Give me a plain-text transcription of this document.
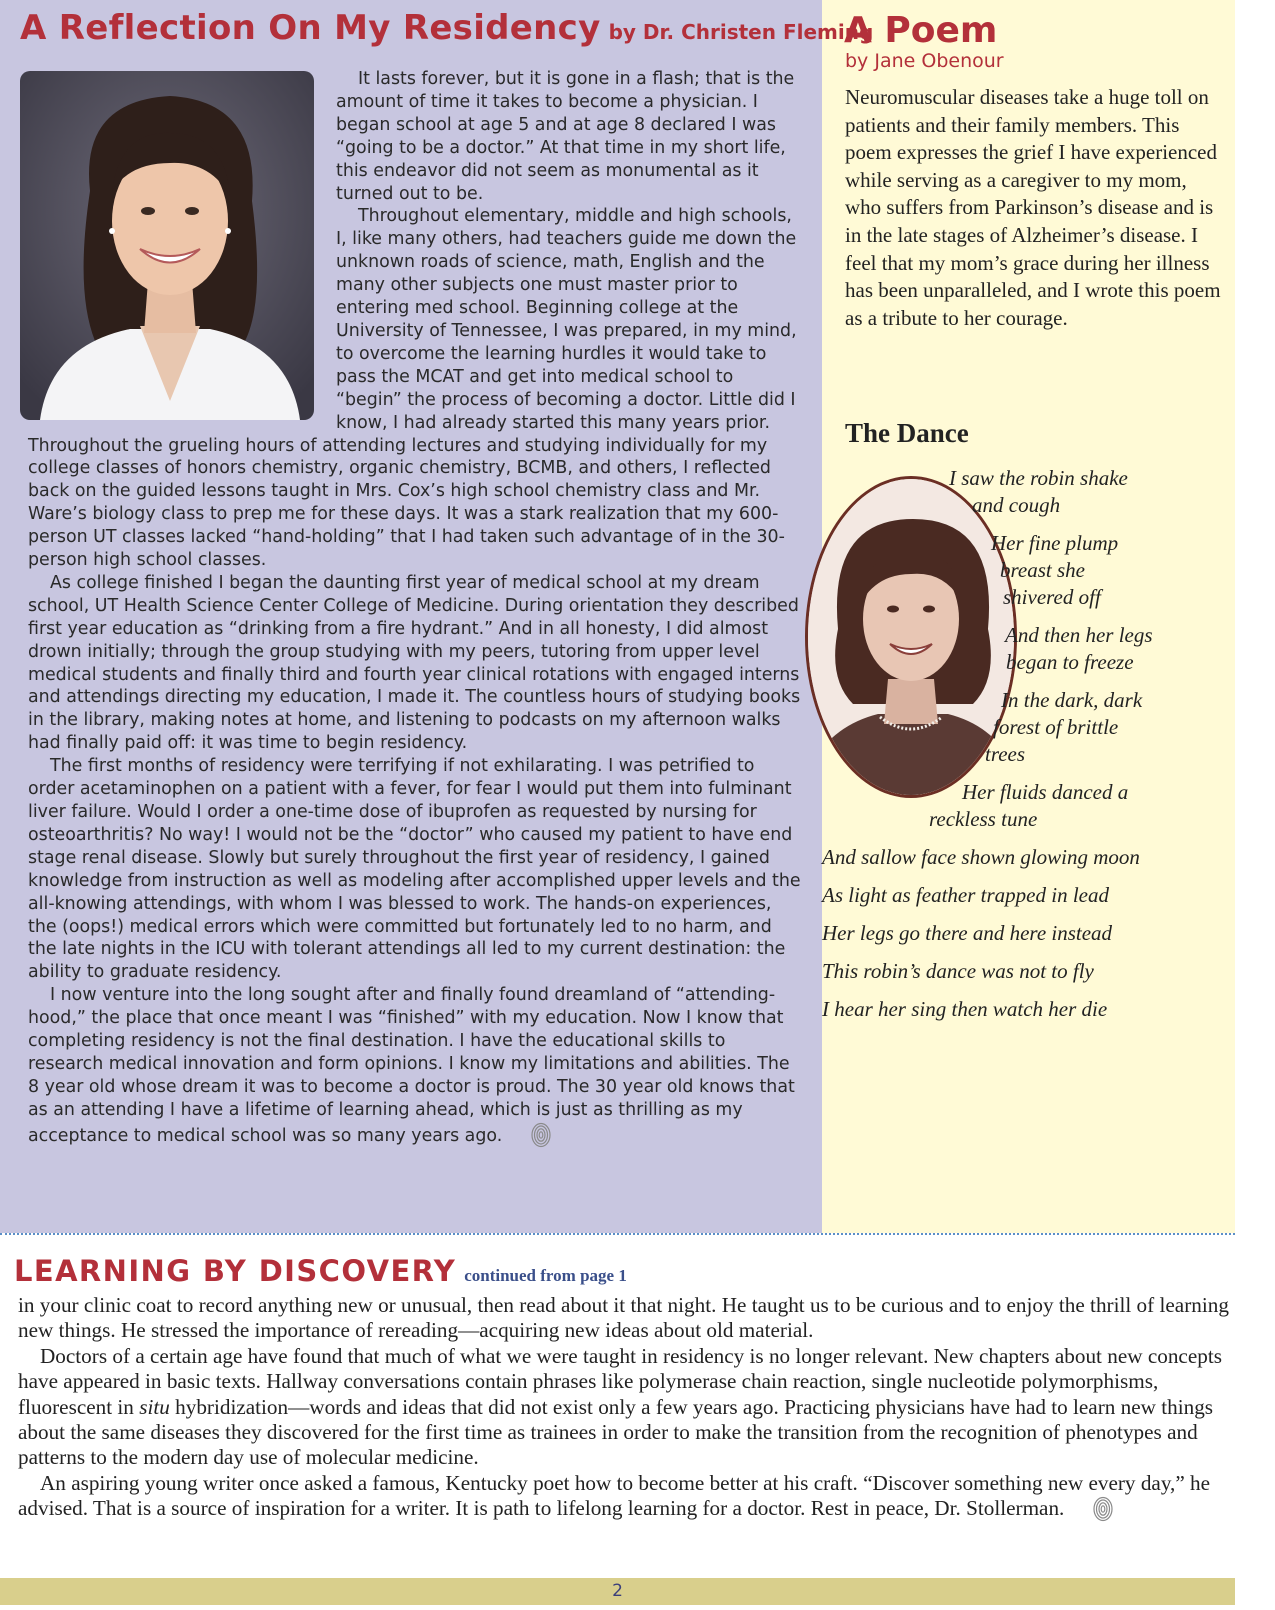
A Reflection On My Residency by Dr. Christen Fleming

It lasts forever, but it is gone in a flash; that is the amount of time it takes to become a physician. I began school at age 5 and at age 8 declared I was “going to be a doctor.” At that time in my short life, this endeavor did not seem as monumental as it turned out to be.

Throughout elementary, middle and high schools, I, like many others, had teachers guide me down the unknown roads of science, math, English and the many other subjects one must master prior to entering med school. Beginning college at the University of Tennessee, I was prepared, in my mind, to overcome the learning hurdles it would take to pass the MCAT and get into medical school to “begin” the process of becoming a doctor. Little did I know, I had already started this many years prior. Throughout the grueling hours of attending lectures and studying individually for my college classes of honors chemistry, organic chemistry, BCMB, and others, I reflected back on the guided lessons taught in Mrs. Cox’s high school chemistry class and Mr. Ware’s biology class to prep me for these days. It was a stark realization that my 600-person UT classes lacked “hand-holding” that I had taken such advantage of in the 30-person high school classes.

As college finished I began the daunting first year of medical school at my dream school, UT Health Science Center College of Medicine. During orientation they described first year education as “drinking from a fire hydrant.” And in all honesty, I did almost drown initially; through the group studying with my peers, tutoring from upper level medical students and finally third and fourth year clinical rotations with engaged interns and attendings directing my education, I made it. The countless hours of studying books in the library, making notes at home, and listening to podcasts on my afternoon walks had finally paid off: it was time to begin residency.

The first months of residency were terrifying if not exhilarating. I was petrified to order acetaminophen on a patient with a fever, for fear I would put them into fulminant liver failure. Would I order a one-time dose of ibuprofen as requested by nursing for osteoarthritis? No way! I would not be the “doctor” who caused my patient to have end stage renal disease. Slowly but surely throughout the first year of residency, I gained knowledge from instruction as well as modeling after accomplished upper levels and the all-knowing attendings, with whom I was blessed to work. The hands-on experiences, the (oops!) medical errors which were committed but fortunately led to no harm, and the late nights in the ICU with tolerant attendings all led to my current destination: the ability to graduate residency.

I now venture into the long sought after and finally found dreamland of “attending-hood,” the place that once meant I was “finished” with my education. Now I know that completing residency is not the final destination. I have the educational skills to research medical innovation and form opinions. I know my limitations and abilities. The 8 year old whose dream it was to become a doctor is proud. The 30 year old knows that as an attending I have a lifetime of learning ahead, which is just as thrilling as my acceptance to medical school was so many years ago.

A Poem
by Jane Obenour

Neuromuscular diseases take a huge toll on patients and their family members. This poem expresses the grief I have experienced while serving as a caregiver to my mom, who suffers from Parkinson’s disease and is in the late stages of Alzheimer’s disease. I feel that my mom’s grace during her illness has been unparalleled, and I wrote this poem as a tribute to her courage.

The Dance
I saw the robin shake
and cough
Her fine plump
breast she
shivered off
And then her legs
began to freeze
In the dark, dark
forest of brittle
trees
Her fluids danced a
reckless tune
And sallow face shown glowing moon
As light as feather trapped in lead
Her legs go there and here instead
This robin’s dance was not to fly
I hear her sing then watch her die
LEARNING BY DISCOVERY continued from page 1

in your clinic coat to record anything new or unusual, then read about it that night. He taught us to be curious and to enjoy the thrill of learning new things. He stressed the importance of rereading—acquiring new ideas about old material.

Doctors of a certain age have found that much of what we were taught in residency is no longer relevant. New chapters about new concepts have appeared in basic texts. Hallway conversations contain phrases like polymerase chain reaction, single nucleotide polymorphisms, fluorescent in situ hybridization—words and ideas that did not exist only a few years ago. Practicing physicians have had to learn new things about the same diseases they discovered for the first time as trainees in order to make the transition from the recognition of phenotypes and patterns to the modern day use of molecular medicine.

An aspiring young writer once asked a famous, Kentucky poet how to become better at his craft. “Discover something new every day,” he advised. That is a source of inspiration for a writer. It is path to lifelong learning for a doctor. Rest in peace, Dr. Stollerman.

2
